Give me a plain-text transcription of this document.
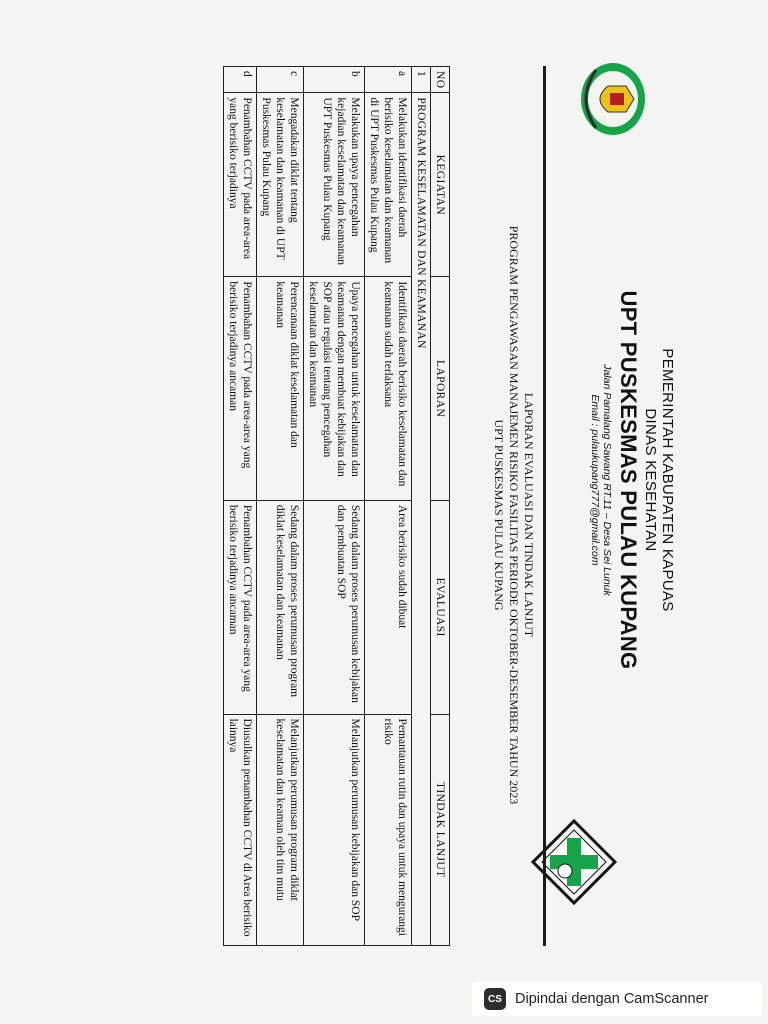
PEMERINTAH KABUPATEN KAPUAS
DINAS KESEHATAN
UPT PUSKESMAS PULAU KUPANG
Jalan Pamalang Sawang RT.11 – Desa Sei Lunuk
Email : pulaukupang777@gmail.com
LAPORAN EVALUASI DAN TINDAK LANJUT
PROGRAM PENGAWASAN MANAJEMEN RISIKO FASILITAS PERIODE OKTOBER-DESEMBER TAHUN 2023
UPT PUSKESMAS PULAU KUPANG
NO	KEGIATAN	LAPORAN	EVALUASI	TINDAK LANJUT
1	PROGRAM KESELAMATAN DAN KEAMANAN			
a	Melakukan identifikasi daerah berisiko keselamatan dan keamanan di UPT Puskesmas Pulau Kupang	Identifikasi daerah berisiko keselamatan dan keamanan sudah terlaksana	Area berisiko sudah dibuat	Pemantauan rutin dan upaya untuk mengurangi risiko
b	Melakukan upaya pencegahan kejadian keselamatan dan keamanan UPT Puskesmas Pulau Kupang	Upaya pencegahan untuk keselamatan dan keamanan dengan membuat kebijakan dan SOP atau regulasi tentang pencegahan keselamatan dan keamanan	Sedang dalam proses perumusan kebijakan dan pembuatan SOP	Melanjutkan perumusan kebijakan dan SOP
c	Mengadakan diklat tentang keselamatan dan keamanan di UPT Puskesmas Pulau Kupang	Perencanaan diklat keselamatan dan keamanan	Sedang dalam proses perumusan program diklat keselamatan dan keamanan	Melanjutkan perumusan program diklat keselamatan dan keaman oleh tim mutu
d	Penambahan CCTV pada area-area yang berisiko terjadinya	Penambahan CCTV pada area-area yang berisiko terjadinya ancaman	Penambahan CCTV pada area-area yang berisiko terjadinya ancaman	Diusulkan penambahan CCTV di Area berisiko lainnya
CS Dipindai dengan CamScanner
